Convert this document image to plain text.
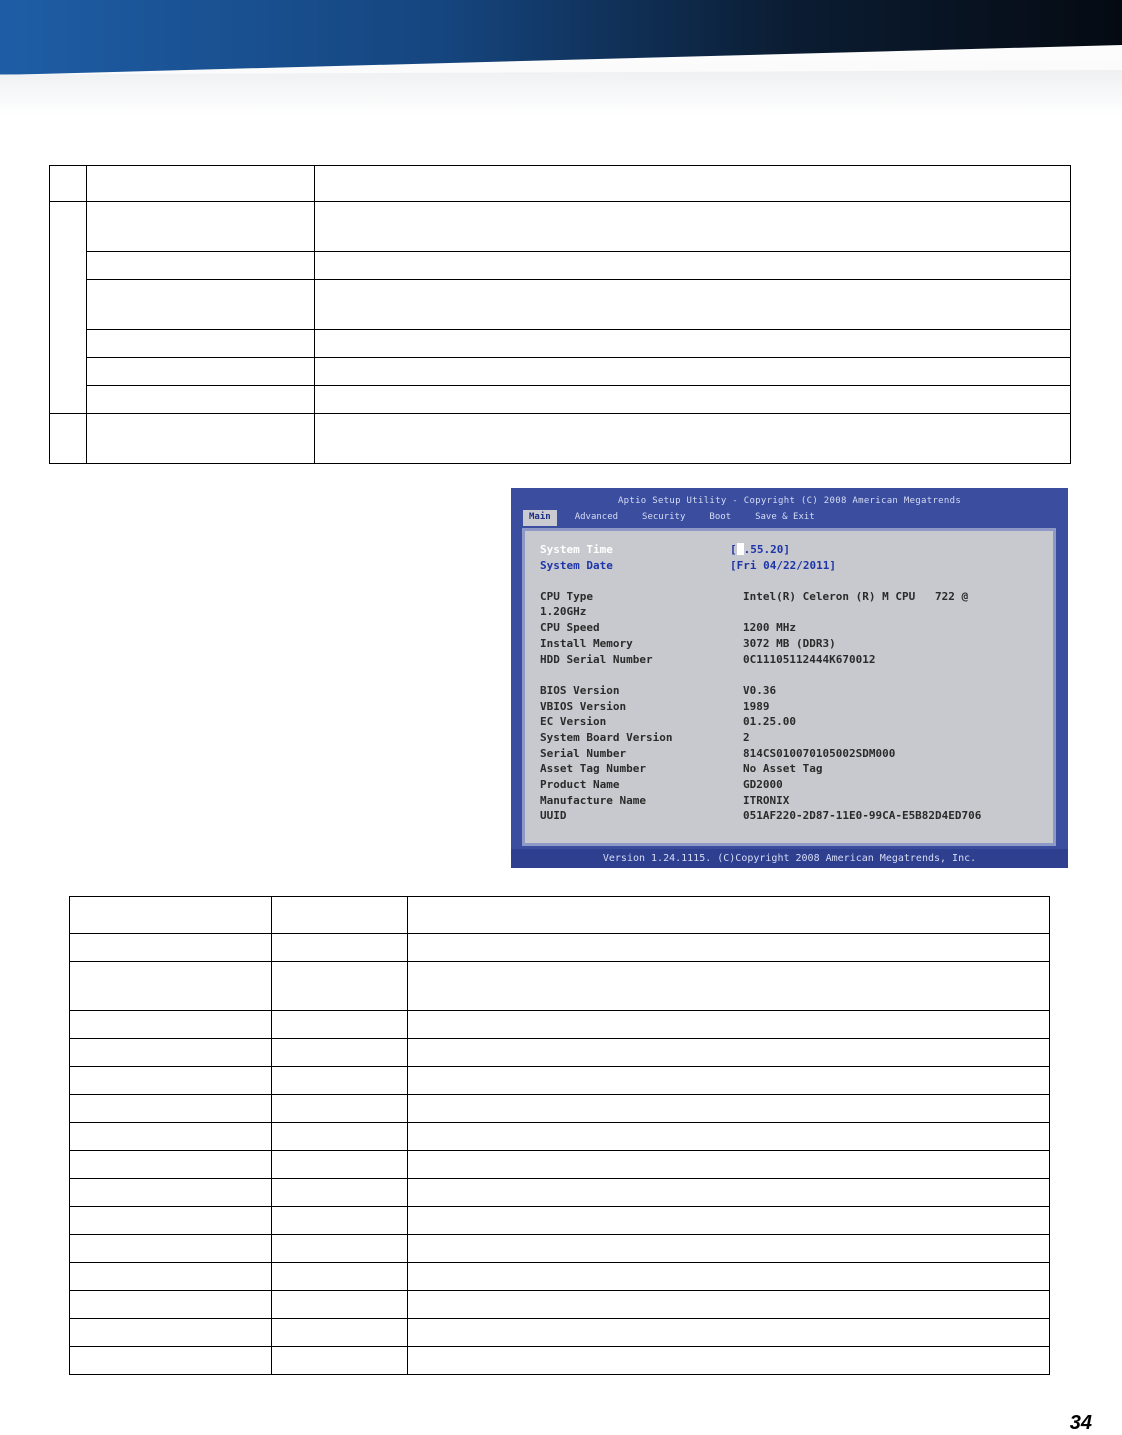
Aptio Setup Utility - Copyright (C) 2008 American Megatrends
Main	Advanced	Security	Boot	Save & Exit
System Time	[ .55.20]
System Date	[Fri 04/22/2011]
CPU Type	Intel(R) Celeron (R) M CPU   722 @
1.20GHz
CPU Speed	1200 MHz
Install Memory	3072 MB (DDR3)
HDD Serial Number	0C11105112444K670012
BIOS Version	V0.36
VBIOS Version	1989
EC Version	01.25.00
System Board Version	2
Serial Number	814CS010070105002SDM000
Asset Tag Number	No Asset Tag
Product Name	GD2000
Manufacture Name	ITRONIX
UUID	051AF220-2D87-11E0-99CA-E5B82D4ED706
Version 1.24.1115. (C)Copyright 2008 American Megatrends, Inc.

34
